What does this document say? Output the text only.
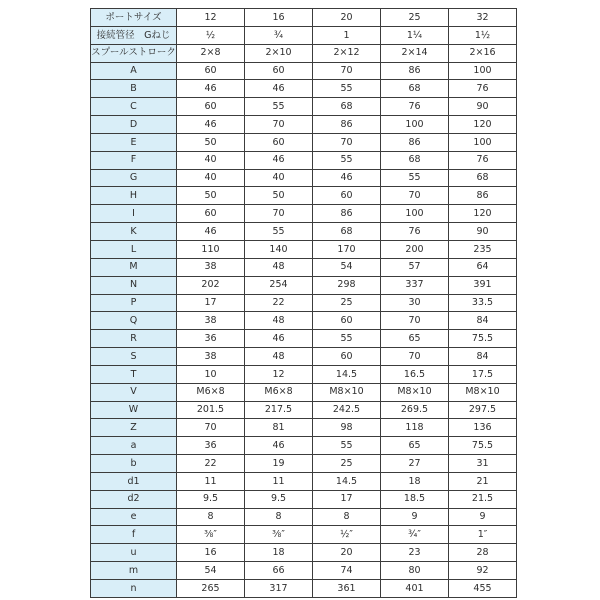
ポートサイズ	12	16	20	25	32
接続管径　Gねじ	½	¾	1	1¼	1½
スプールストローク	2×8	2×10	2×12	2×14	2×16
A	60	60	70	86	100
B	46	46	55	68	76
C	60	55	68	76	90
D	46	70	86	100	120
E	50	60	70	86	100
F	40	46	55	68	76
G	40	40	46	55	68
H	50	50	60	70	86
I	60	70	86	100	120
K	46	55	68	76	90
L	110	140	170	200	235
M	38	48	54	57	64
N	202	254	298	337	391
P	17	22	25	30	33.5
Q	38	48	60	70	84
R	36	46	55	65	75.5
S	38	48	60	70	84
T	10	12	14.5	16.5	17.5
V	M6×8	M6×8	M8×10	M8×10	M8×10
W	201.5	217.5	242.5	269.5	297.5
Z	70	81	98	118	136
a	36	46	55	65	75.5
b	22	19	25	27	31
d1	11	11	14.5	18	21
d2	9.5	9.5	17	18.5	21.5
e	8	8	8	9	9
f	⅜″	⅜″	½″	¾″	1″
u	16	18	20	23	28
m	54	66	74	80	92
n	265	317	361	401	455
